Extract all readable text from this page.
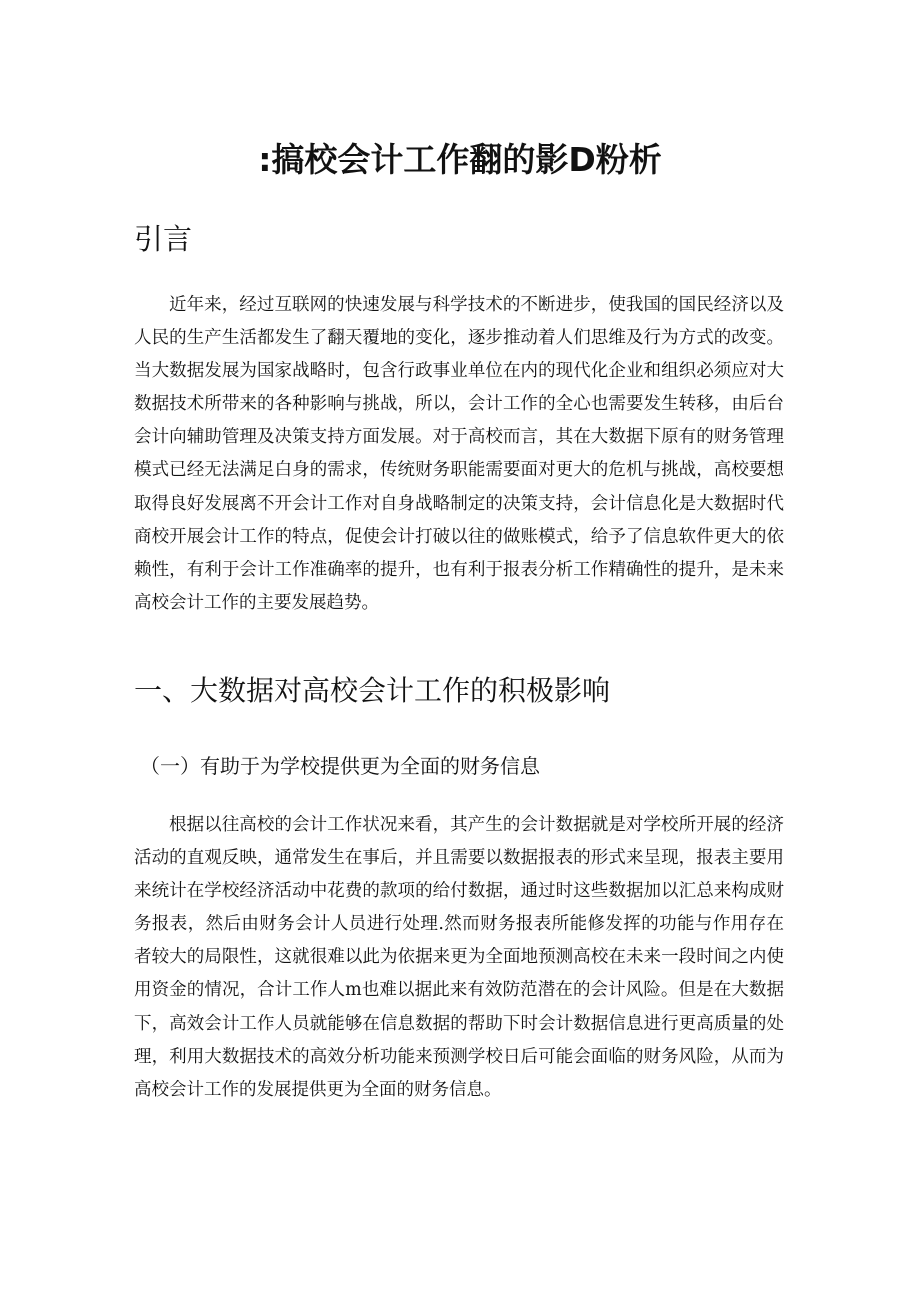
:搞校会计工作翻的影D粉析
引言

近年来，经过互联网的快速发展与科学技术的不断进步，使我国的国民经济以及人民的生产生活都发生了翻天覆地的变化，逐步推动着人们思维及行为方式的改变。当大数据发展为国家战略时，包含行政事业单位在内的现代化企业和组织必须应对大数据技术所带来的各种影响与挑战，所以，会计工作的全心也需要发生转移，由后台会计向辅助管理及决策支持方面发展。对于高校而言，其在大数据下原有的财务管理模式已经无法满足白身的需求，传统财务职能需要面对更大的危机与挑战，高校要想取得良好发展离不开会计工作对自身战略制定的决策支持，会计信息化是大数据时代商校开展会计工作的特点，促使会计打破以往的做账模式，给予了信息软件更大的依赖性，有利于会计工作准确率的提升，也有利于报表分析工作精确性的提升，是未来高校会计工作的主要发展趋势。

一、大数据对高校会计工作的积极影响
（一）有助于为学校提供更为全面的财务信息

根据以往高校的会计工作状况来看，其产生的会计数据就是对学校所开展的经济活动的直观反映，通常发生在事后，并且需要以数据报表的形式来呈现，报表主要用来统计在学校经济活动中花费的款项的给付数据，通过时这些数据加以汇总来构成财务报表，然后由财务会计人员进行处理.然而财务报表所能修发挥的功能与作用存在者较大的局限性，这就很难以此为依据来更为全面地预测高校在未来一段时间之内使用资金的情况，合计工作人m也难以据此来有效防范潜在的会计风险。但是在大数据下，高效会计工作人员就能够在信息数据的帮助下时会计数据信息进行更高质量的处理，利用大数据技术的高效分析功能来预测学校日后可能会面临的财务风险，从而为高校会计工作的发展提供更为全面的财务信息。
